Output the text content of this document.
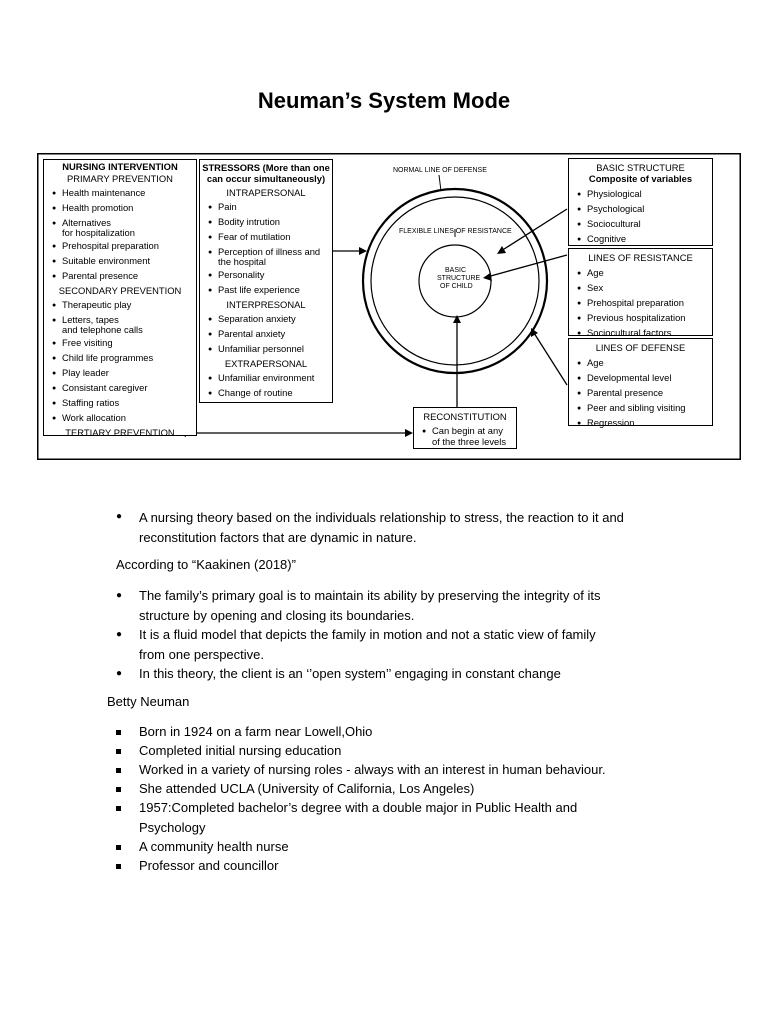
Neuman’s System Mode
NURSING INTERVENTION
PRIMARY PREVENTION
● Health maintenance
● Health promotion
● Alternatives
for hospitalization
● Prehospital preparation
● Suitable environment
● Parental presence
SECONDARY PREVENTION
● Therapeutic play
● Letters, tapes
and telephone calls
● Free visiting
● Child life programmes
● Play leader
● Consistant caregiver
● Staffing ratios
● Work allocation
TERTIARY PREVENTION
STRESSORS (More than one
can occur simultaneously)
INTRAPERSONAL
● Pain
● Bodity intrution
● Fear of mutilation
● Perception of illness and
the hospital
● Personality
● Past life experience
INTERPRESONAL
● Separation anxiety
● Parental anxiety
● Unfamiliar personnel
EXTRAPERSONAL
● Unfamiliar environment
● Change of routine
NORMAL LINE OF DEFENSE
FLEXIBLE LINES OF RESISTANCE
BASIC
STRUCTURE
OF CHILD
BASIC STRUCTURE
Composite of variables
● Physiological
● Psychological
● Sociocultural
● Cognitive
LINES OF RESISTANCE
● Age
● Sex
● Prehospital preparation
● Previous hospitalization
● Sociocultural factors
LINES OF DEFENSE
● Age
● Developmental level
● Parental presence
● Peer and sibling visiting
● Regression
RECONSTITUTION
● Can begin at any
of the three levels
● A nursing theory based on the individuals relationship to stress, the reaction to it and
reconstitution factors that are dynamic in nature.
According to “Kaakinen (2018)”
● The family’s primary goal is to maintain its ability by preserving the integrity of its
structure by opening and closing its boundaries.
● It is a fluid model that depicts the family in motion and not a static view of family
from one perspective.
● In this theory, the client is an ‘’open system’’ engaging in constant change
Betty Neuman
Born in 1924 on a farm near Lowell,Ohio
Completed initial nursing education
Worked in a variety of nursing roles - always with an interest in human behaviour.
She attended UCLA (University of California, Los Angeles)
1957:Completed bachelor’s degree with a double major in Public Health and
Psychology
A community health nurse
Professor and councillor
